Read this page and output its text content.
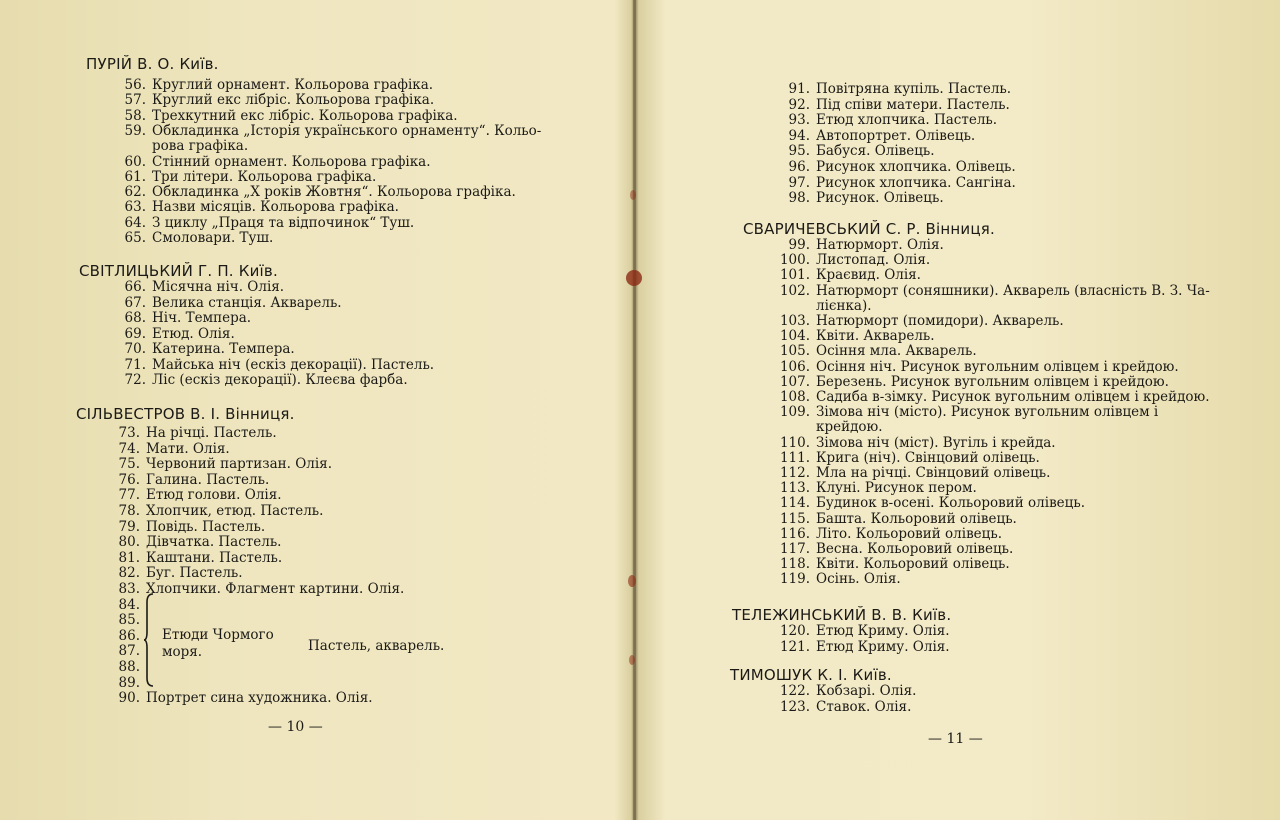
ПУРІЙ В. О. Київ.
56. Круглий орнамент. Кольорова графіка.
57. Круглий екс лібріс. Кольорова графіка.
58. Трехкутний екс лібріс. Кольорова графіка.
59. Обкладинка „Історія українського орнаменту“. Кольо-
рова графіка.
60. Стінний орнамент. Кольорова графіка.
61. Три літери. Кольорова графіка.
62. Обкладинка „Х років Жовтня“. Кольорова графіка.
63. Назви місяців. Кольорова графіка.
64. З циклу „Праця та відпочинок“ Туш.
65. Смоловари. Туш.
СВІТЛИЦЬКИЙ Г. П. Київ.
66. Місячна ніч. Олія.
67. Велика станція. Акварель.
68. Ніч. Темпера.
69. Етюд. Олія.
70. Катерина. Темпера.
71. Майська ніч (ескіз декорації). Пастель.
72. Ліс (ескіз декорації). Клеєва фарба.
СІЛЬВЕСТРОВ В. І. Вінниця.
73. На річці. Пастель.
74. Мати. Олія.
75. Червоний партизан. Олія.
76. Галина. Пастель.
77. Етюд голови. Олія.
78. Хлопчик, етюд. Пастель.
79. Повідь. Пастель.
80. Дівчатка. Пастель.
81. Каштани. Пастель.
82. Буг. Пастель.
83. Хлопчики. Флагмент картини. Олія.
84.
85.
86.
87.
88.
89.
90. Портрет сина художника. Олія.
91. Повітряна купіль. Пастель.
92. Під співи матери. Пастель.
93. Етюд хлопчика. Пастель.
94. Автопортрет. Олівець.
95. Бабуся. Олівець.
96. Рисунок хлопчика. Олівець.
97. Рисунок хлопчика. Сангіна.
98. Рисунок. Олівець.
СВАРИЧЕВСЬКИЙ С. Р. Вінниця.
99. Натюрморт. Олія.
100. Листопад. Олія.
101. Краєвид. Олія.
102. Натюрморт (соняшники). Акварель (власність В. З. Ча-
лієнка).
103. Натюрморт (помидори). Акварель.
104. Квіти. Акварель.
105. Осіння мла. Акварель.
106. Осіння ніч. Рисунок вугольним олівцем і крейдою.
107. Березень. Рисунок вугольним олівцем і крейдою.
108. Садиба в-зімку. Рисунок вугольним олівцем і крейдою.
109. Зімова ніч (місто). Рисунок вугольним олівцем і
крейдою.
110. Зімова ніч (міст). Вугіль і крейда.
111. Крига (ніч). Свінцовий олівець.
112. Мла на річці. Свінцовий олівець.
113. Клуні. Рисунок пером.
114. Будинок в-осені. Кольоровий олівець.
115. Башта. Кольоровий олівець.
116. Літо. Кольоровий олівець.
117. Весна. Кольоровий олівець.
118. Квіти. Кольоровий олівець.
119. Осінь. Олія.
ТЕЛЕЖИНСЬКИЙ В. В. Київ.
120. Етюд Криму. Олія.
121. Етюд Криму. Олія.
ТИМОШУК К. І. Київ.
122. Кобзарі. Олія.
123. Ставок. Олія.
Етюди Чормого моря.	Пастель, акварель.
— 10 —
— 11 —
